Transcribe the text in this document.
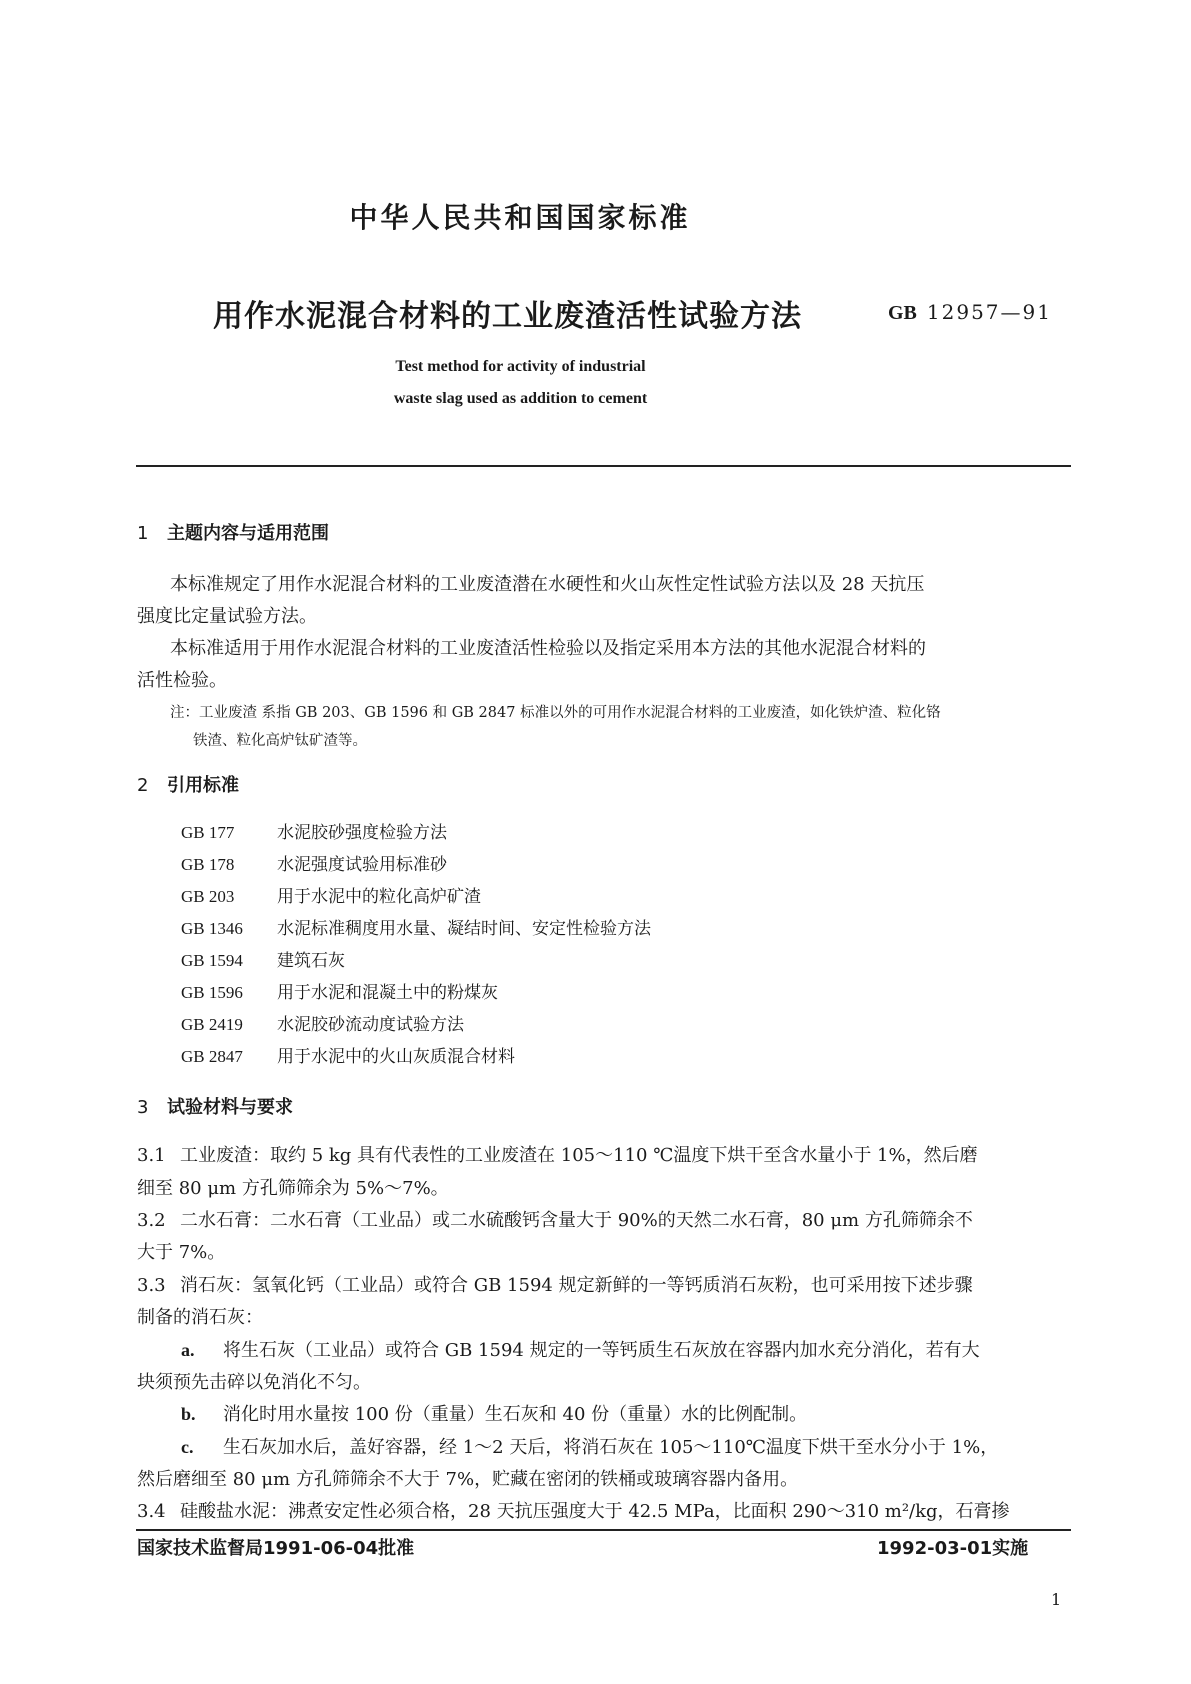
中华人民共和国国家标准
用作水泥混合材料的工业废渣活性试验方法	GB 12957—91
Test method for activity of industrial
waste slag used as addition to cement
1 主题内容与适用范围
本标准规定了用作水泥混合材料的工业废渣潜在水硬性和火山灰性定性试验方法以及 28 天抗压
强度比定量试验方法。
本标准适用于用作水泥混合材料的工业废渣活性检验以及指定采用本方法的其他水泥混合材料的
活性检验。
注：工业废渣 系指 GB 203、GB 1596 和 GB 2847 标准以外的可用作水泥混合材料的工业废渣，如化铁炉渣、粒化铬
铁渣、粒化高炉钛矿渣等。
2 引用标准
GB 177	水泥胶砂强度检验方法
GB 178	水泥强度试验用标准砂
GB 203	用于水泥中的粒化高炉矿渣
GB 1346 水泥标准稠度用水量、凝结时间、安定性检验方法
GB 1594 建筑石灰
GB 1596 用于水泥和混凝土中的粉煤灰
GB 2419 水泥胶砂流动度试验方法
GB 2847 用于水泥中的火山灰质混合材料
3 试验材料与要求
3.1 工业废渣：取约 5 kg 具有代表性的工业废渣在 105～110 ℃温度下烘干至含水量小于 1%，然后磨
细至 80 μm 方孔筛筛余为 5%～7%。
3.2 二水石膏：二水石膏（工业品）或二水硫酸钙含量大于 90%的天然二水石膏，80 μm 方孔筛筛余不
大于 7%。
3.3 消石灰：氢氧化钙（工业品）或符合 GB 1594 规定新鲜的一等钙质消石灰粉，也可采用按下述步骤
制备的消石灰：
a. 将生石灰（工业品）或符合 GB 1594 规定的一等钙质生石灰放在容器内加水充分消化，若有大
块须预先击碎以免消化不匀。
b. 消化时用水量按 100 份（重量）生石灰和 40 份（重量）水的比例配制。
c. 生石灰加水后，盖好容器，经 1～2 天后，将消石灰在 105～110℃温度下烘干至水分小于 1%，
然后磨细至 80 μm 方孔筛筛余不大于 7%，贮藏在密闭的铁桶或玻璃容器内备用。
3.4 硅酸盐水泥：沸煮安定性必须合格，28 天抗压强度大于 42.5 MPa，比面积 290～310 m²/kg，石膏掺
国家技术监督局1991-06-04批准	1992-03-01实施
1
